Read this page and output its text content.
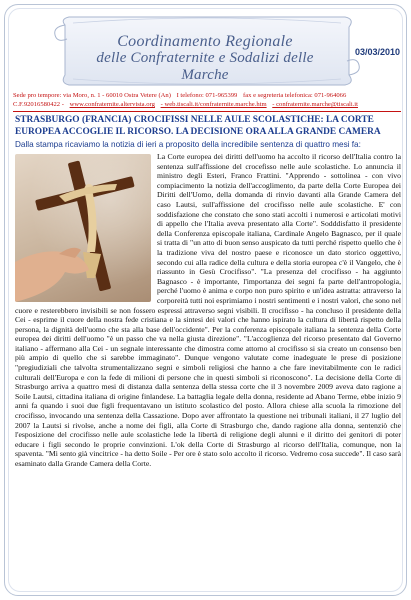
Coordinamento Regionale
delle Confraternite e Sodalizi delle Marche
03/03/2010
Sede pro tempore: via Moro, n. 1 - 60010 Ostra Vetere (An) I telefono: 071-965399 fax e segreteria telefonica: 071-964066
C.F.92016580422 - www.confraternite.altervista.org - web.tiscali.it/confraternite.marche.htm - confraternite.marche@tiscali.it
STRASBURGO (FRANCIA) CROCIFISSI NELLE AULE SCOLASTICHE: LA CORTE EUROPEA ACCOGLIE IL RICORSO. LA DECISIONE ORA ALLA GRANDE CAMERA
Dalla stampa ricaviamo la notizia di ieri a proposito della incredibile sentenza di quattro mesi fa:

La Corte europea dei diritti dell'uomo ha accolto il ricorso dell'Italia contro la sentenza sull'affissione del crocefisso nelle aule scolastiche. Lo annuncia il ministro degli Esteri, Franco Frattini. "Apprendo - sottolinea - con vivo compiacimento la notizia dell'accoglimento, da parte della Corte Europea dei Diritti dell'Uomo, della domanda di rinvio davanti alla Grande Camera del caso Lautsi, sull'affissione del crocifisso nelle aule scolastiche. E' con soddisfazione che constato che sono stati accolti i numerosi e articolati motivi di appello che l'Italia aveva presentato alla Corte". Sodddisfatto il presidente della Conferenza episcopale italiana, Cardinale Angelo Bagnasco, per il quale si tratta di "un atto di buon senso auspicato da tutti perché rispetto quello che è la tradizione viva del nostro paese e riconosce un dato storico oggettivo, secondo cui alla radice della cultura e della storia europea c'è il Vangelo, che è riassunto in Gesù Crocifisso". "La presenza del crocifisso - ha aggiunto Bagnasco - è importante, l'importanza dei segni fa parte dell'antropologia, perché l'uomo è anima e corpo non puro spirito e un'idea astratta: attraverso la corporeità tutti noi esprimiamo i nostri sentimenti e i nostri valori, che sono nel cuore e resterebbero invisibili se non fossero espressi attraverso segni visibili. Il crocifisso - ha concluso il presidente della Cei - esprime il cuore della nostra fede cristiana e la sintesi dei valori che hanno ispirato la cultura di libertà rispetto della persona, la dignità dell'uomo che sta alla base dell'occidente". Per la conferenza episcopale italiana la sentenza della Corte europea dei diritti dell'uomo "è un passo che va nella giusta direzione". "L'accoglienza del ricorso presentato dal Governo italiano - affermano alla Cei - un segnale interessante che dimostra come attorno al crocifisso si sia creato un consenso ben più ampio di quello che si sarebbe immaginato". Dunque vengono valutate come inadeguate le prese di posizione "pregiudiziali che talvolta strumentalizzano segni e simboli religiosi che hanno a che fare inevitabilmente con le radici culturali dell'Europa e con la fede di milioni di persone che in questi simboli si riconoscono". La decisione della Corte di Strasburgo arriva a quattro mesi di distanza dalla sentenza della stessa corte che il 3 novembre 2009 aveva dato ragione a Soile Lautsi, cittadina italiana di origine finlandese. La battaglia legale della donna, residente ad Abano Terme, ebbe inizio 9 anni fa quando i suoi due figli frequentavano un istituto scolastico del posto. Allora chiese alla scuola la rimozione del crocifisso, invocando una sentenza della Cassazione. Dopo aver affrontato la questione nei tribunali italiani, il 27 luglio del 2007 la Lautsi si rivolse, anche a nome dei figli, alla Corte di Strasburgo che, dando ragione alla donna, sentenziò che l'esposizione del crocifisso nelle aule scolastiche lede la libertà di religione degli alunni e il diritto dei genitori di poter educare i figli secondo le proprie convinzioni. L'ok della Corte di Strasburgo al ricorso dell'Italia, comunque, non la spaventa. "Mi sento già vincitrice - ha detto Soile - Per ore è stato solo accolto il ricorso. Vedremo cosa succede". Il caso sarà esaminato dalla Grande Camera della Corte.
